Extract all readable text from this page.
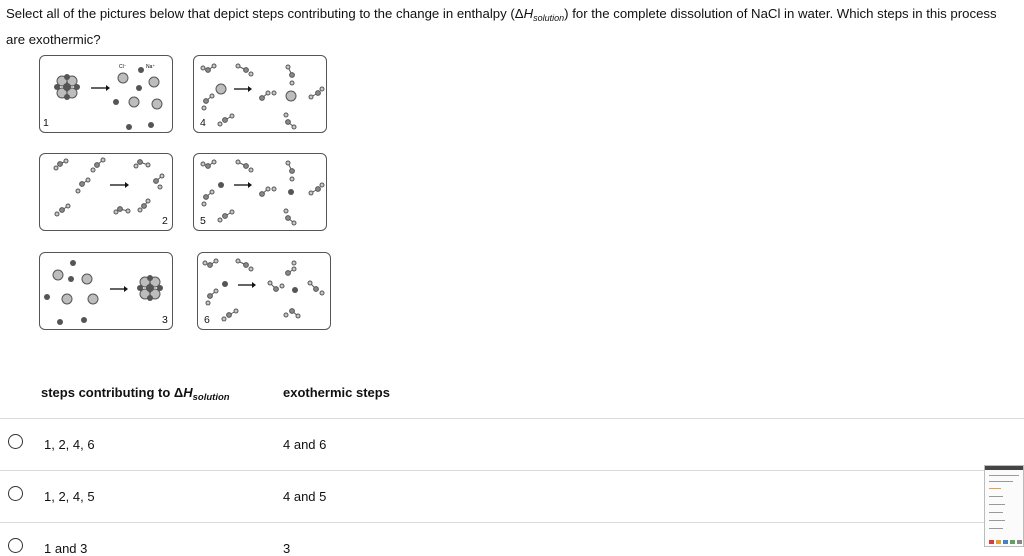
Select all of the pictures below that depict steps contributing to the change in enthalpy $(\Delta H_{solution})$ for the complete dissolution of NaCl in water. Which steps in this process are exothermic?
Cl⁻	Na⁺
1	4
2	5
3	6
steps contributing to $\Delta H_{solution}$	exothermic steps
1, 2, 4, 6	4 and 6
1, 2, 4, 5	4 and 5
1 and 3	3
